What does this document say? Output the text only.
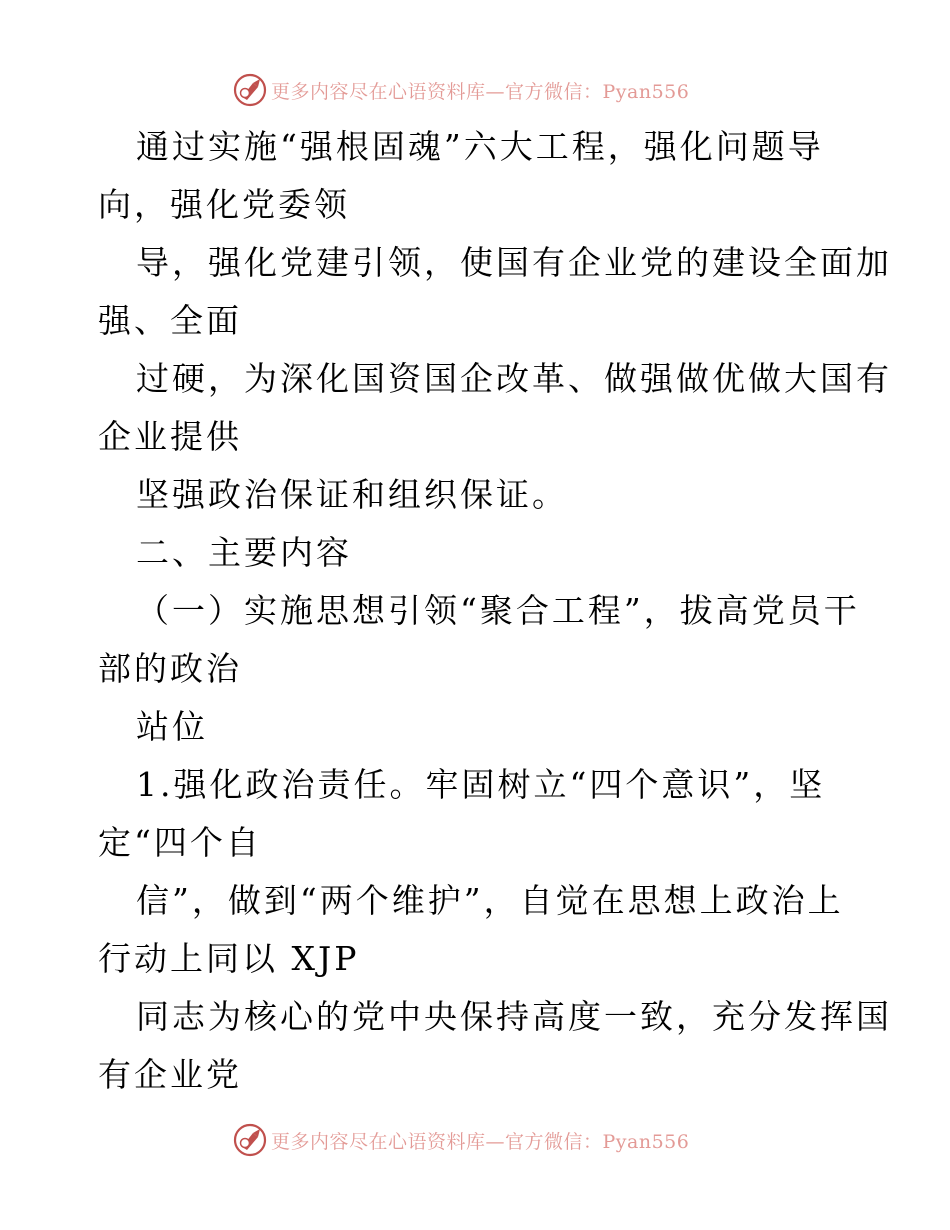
更多内容尽在心语资料库—官方微信：Pyan556
通过实施“强根固魂”六大工程，强化问题导
向，强化党委领
导，强化党建引领，使国有企业党的建设全面加
强、全面
过硬，为深化国资国企改革、做强做优做大国有
企业提供
坚强政治保证和组织保证。
二、主要内容
（一）实施思想引领“聚合工程”，拔高党员干
部的政治
站位
1.强化政治责任。牢固树立“四个意识”，坚
定“四个自
信”，做到“两个维护”，自觉在思想上政治上
行动上同以 XJP
同志为核心的党中央保持高度一致，充分发挥国
有企业党
更多内容尽在心语资料库—官方微信：Pyan556
